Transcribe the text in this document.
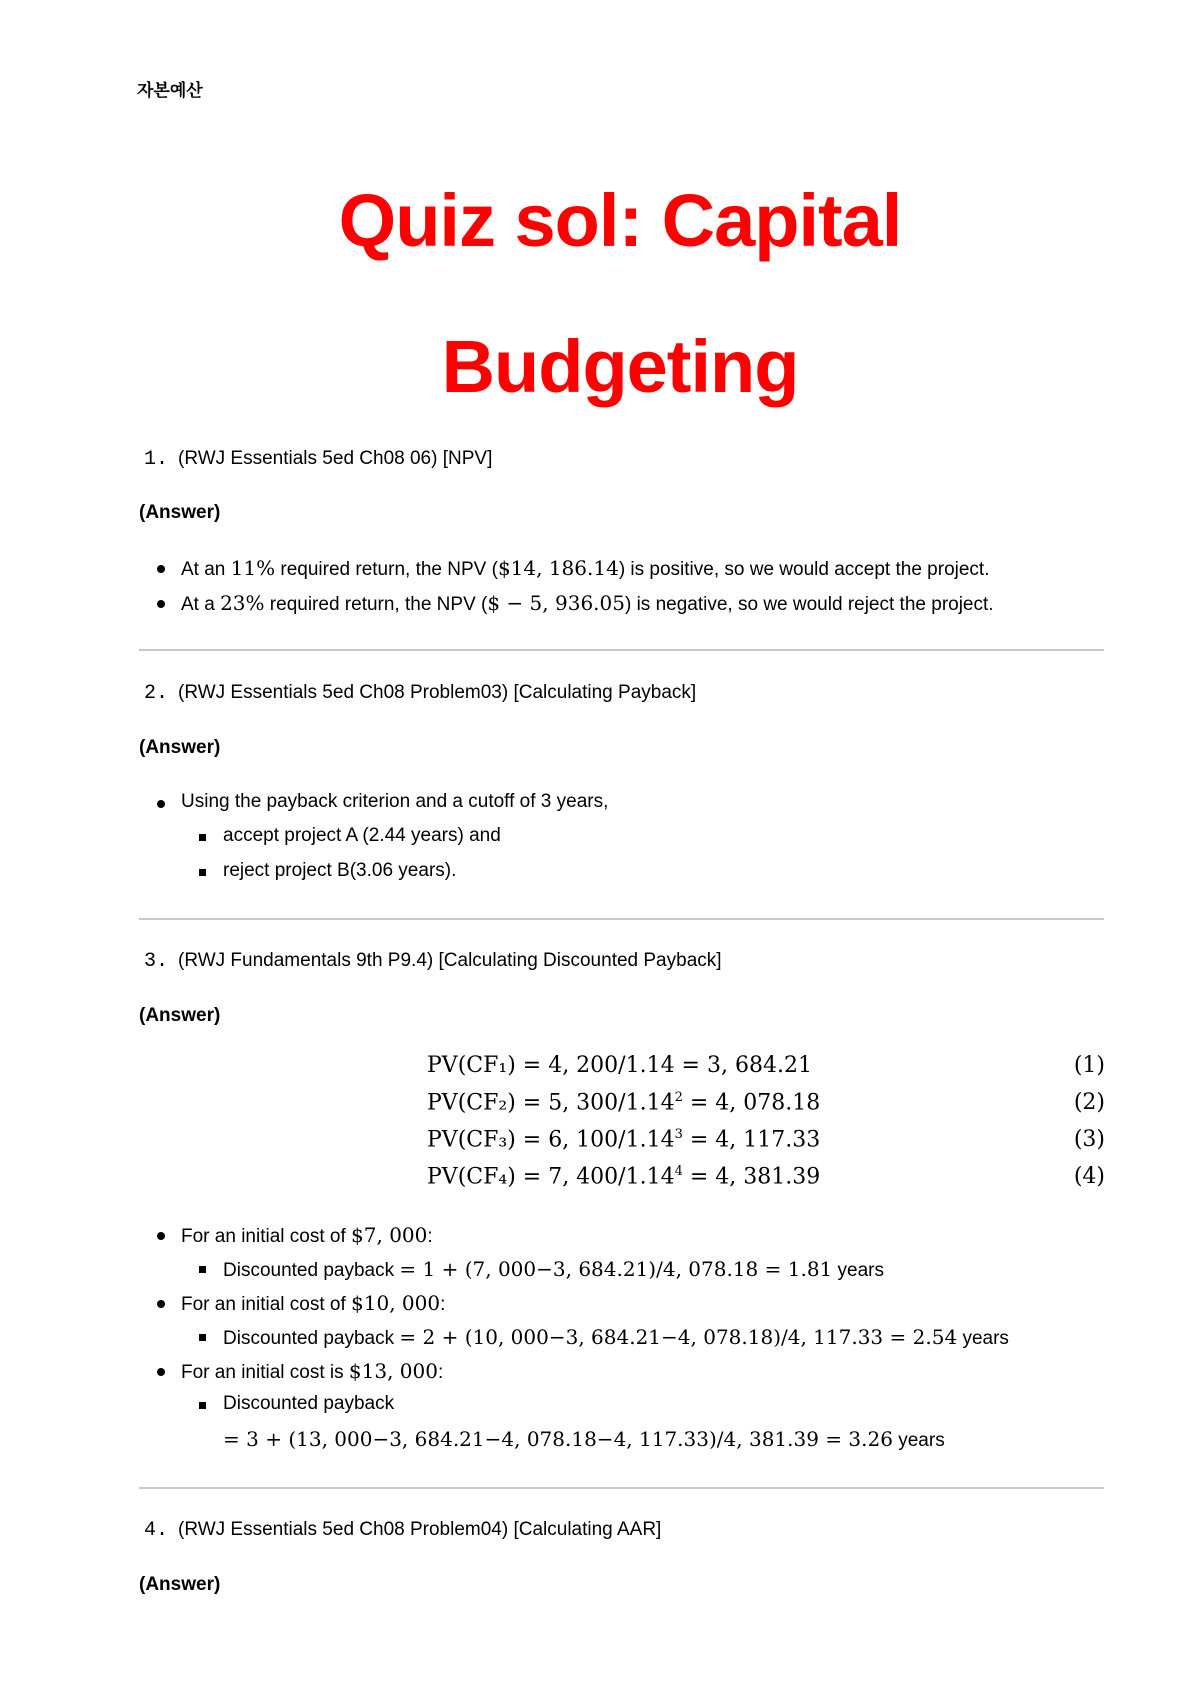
자본예산
Quiz sol: Capital
Budgeting
1. (RWJ Essentials 5ed Ch08 06) [NPV]
(Answer)
At an 11% required return, the NPV ($14, 186.14) is positive, so we would accept the project.
At a 23% required return, the NPV ($ − 5, 936.05) is negative, so we would reject the project.
2. (RWJ Essentials 5ed Ch08 Problem03) [Calculating Payback]
(Answer)
Using the payback criterion and a cutoff of 3 years,
accept project A (2.44 years) and
reject project B(3.06 years).
3. (RWJ Fundamentals 9th P9.4) [Calculating Discounted Payback]
(Answer)
PV(CF₁) = 4, 200/1.14 = 3, 684.21	(1)
PV(CF₂) = 5, $300/1.14^2 = 4$, 078.18	(2)
PV(CF₃) = 6, $100/1.14^3 = 4$, 117.33	(3)
PV(CF₄) = 7, $400/1.14^4 = 4$, 381.39	(4)
For an initial cost of $7, 000:
Discounted payback = 1 + (7, 000−3, 684.21)/4, 078.18 = 1.81 years
For an initial cost of $10, 000:
Discounted payback = 2 + (10, 000−3, 684.21−4, 078.18)/4, 117.33 = 2.54 years
For an initial cost is $13, 000:
Discounted payback
= 3 + (13, 000−3, 684.21−4, 078.18−4, 117.33)/4, 381.39 = 3.26 years
4. (RWJ Essentials 5ed Ch08 Problem04) [Calculating AAR]
(Answer)
